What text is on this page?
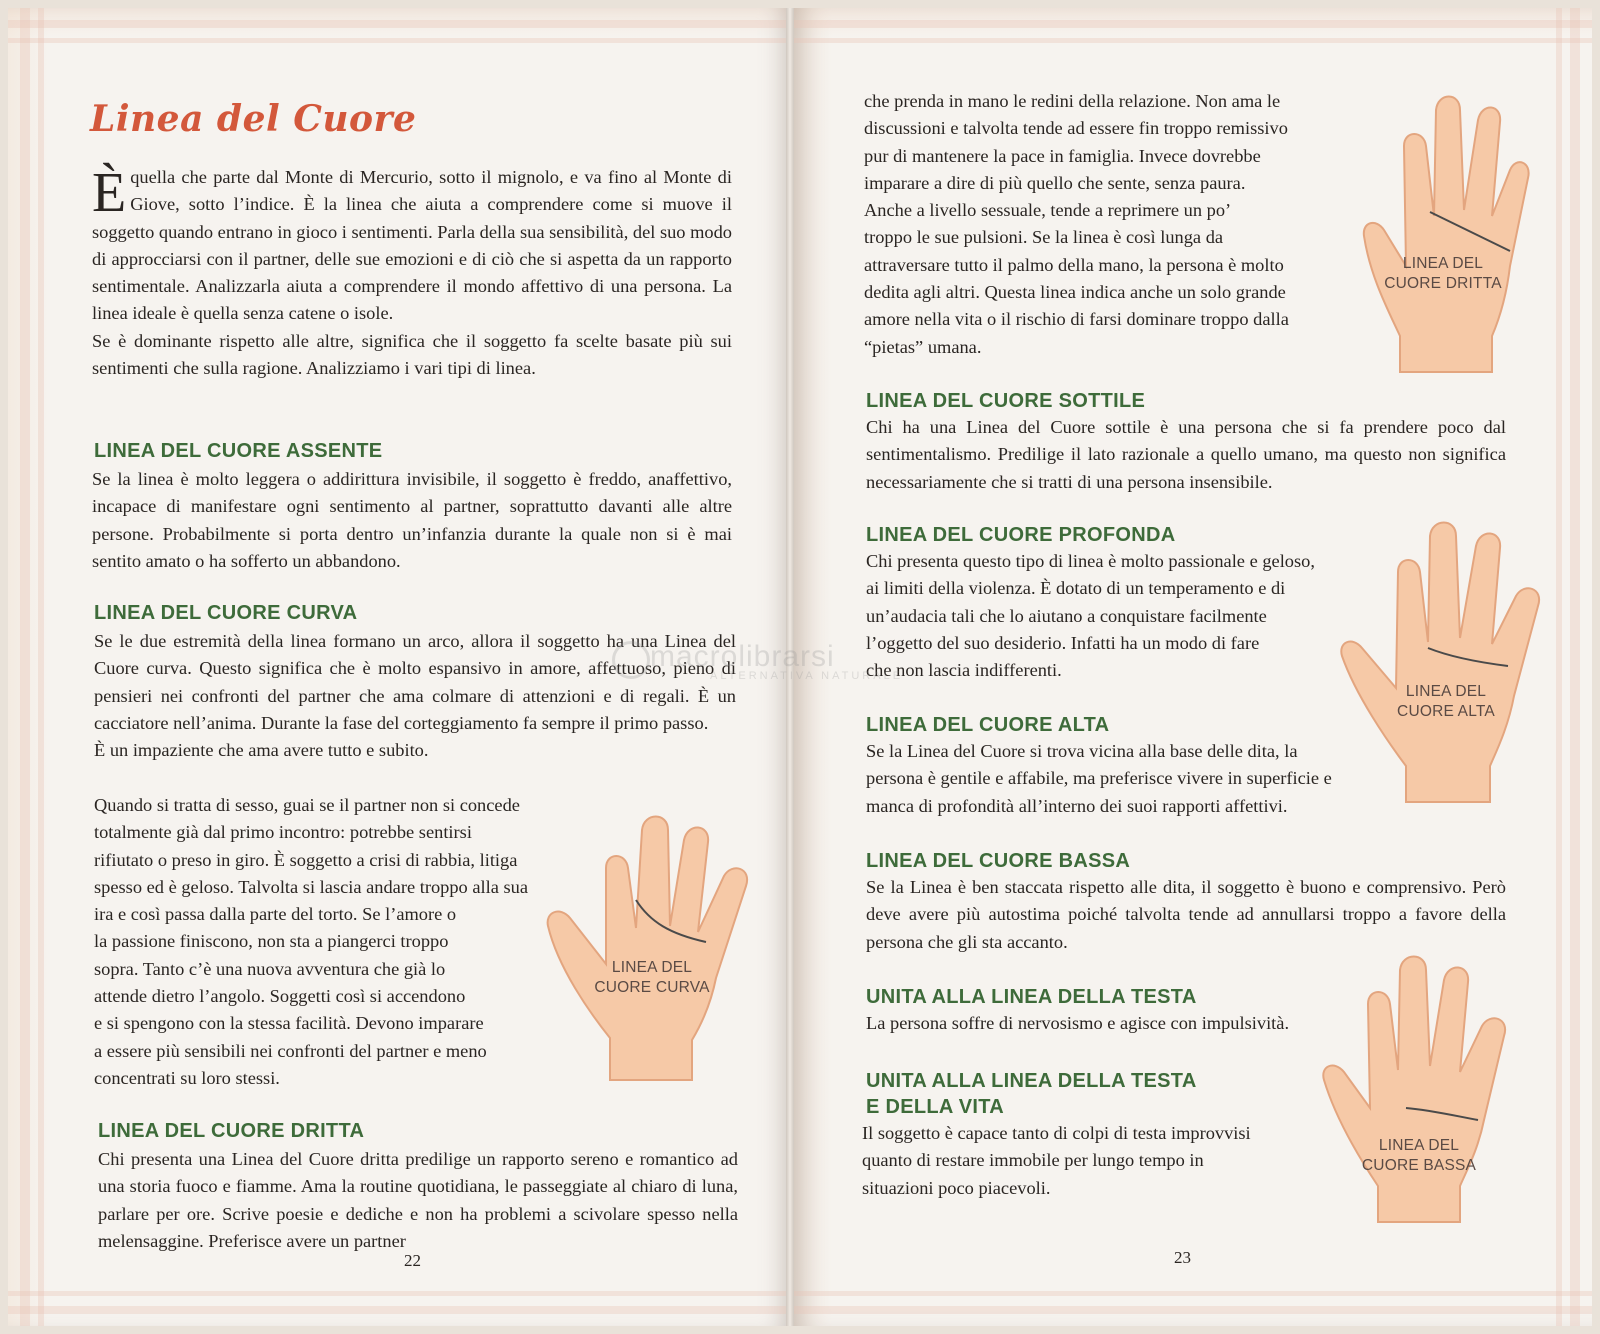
Linea del Cuore

Èquella che parte dal Monte di Mercurio, sotto il mignolo, e va fino al Monte di Giove, sotto l’indice. È la linea che aiuta a comprendere come si muove il soggetto quando entrano in gioco i sentimenti. Parla della sua sensibilità, del suo modo di approcciarsi con il partner, delle sue emozioni e di ciò che si aspetta da un rapporto sentimentale. Analizzarla aiuta a comprendere il mondo affettivo di una persona. La linea ideale è quella senza catene o isole.

Se è dominante rispetto alle altre, significa che il soggetto fa scelte basate più sui sentimenti che sulla ragione. Analizziamo i vari tipi di linea.

LINEA DEL CUORE ASSENTE
Se la linea è molto leggera o addirittura invisibile, il soggetto è freddo, anaffettivo, incapace di manifestare ogni sentimento al partner, soprattutto davanti alle altre persone. Probabilmente si porta dentro un’infanzia durante la quale non si è mai sentito amato o ha sofferto un abbandono.
LINEA DEL CUORE CURVA

Se le due estremità della linea formano un arco, allora il soggetto ha una Linea del Cuore curva. Questo significa che è molto espansivo in amore, affettuoso, pieno di pensieri nei confronti del partner che ama colmare di attenzioni e di regali. È un cacciatore nell’anima. Durante la fase del corteggiamento fa sempre il primo passo.

È un impaziente che ama avere tutto e subito.

Quando si tratta di sesso, guai se il partner non si concede
totalmente già dal primo incontro: potrebbe sentirsi
rifiutato o preso in giro. È soggetto a crisi di rabbia, litiga
spesso ed è geloso. Talvolta si lascia andare troppo alla sua
ira e così passa dalla parte del torto. Se l’amore o
la passione finiscono, non sta a piangerci troppo
sopra. Tanto c’è una nuova avventura che già lo
attende dietro l’angolo. Soggetti così si accendono
e si spengono con la stessa facilità. Devono imparare
a essere più sensibili nei confronti del partner e meno
concentrati su loro stessi.
LINEA DEL CUORE DRITTA
Chi presenta una Linea del Cuore dritta predilige un rapporto sereno e romantico ad una storia fuoco e fiamme. Ama la routine quotidiana, le passeggiate al chiaro di luna, parlare per ore. Scrive poesie e dediche e non ha problemi a scivolare spesso nella melensaggine. Preferisce avere un partner
22
LINEA DEL
CUORE CURVA
che prenda in mano le redini della relazione. Non ama le
discussioni e talvolta tende ad essere fin troppo remissivo
pur di mantenere la pace in famiglia. Invece dovrebbe
imparare a dire di più quello che sente, senza paura.
Anche a livello sessuale, tende a reprimere un po’
troppo le sue pulsioni. Se la linea è così lunga da
attraversare tutto il palmo della mano, la persona è molto
dedita agli altri. Questa linea indica anche un solo grande
amore nella vita o il rischio di farsi dominare troppo dalla
“pietas” umana.
LINEA DEL CUORE SOTTILE
Chi ha una Linea del Cuore sottile è una persona che si fa prendere poco dal sentimentalismo. Predilige il lato razionale a quello umano, ma questo non significa necessariamente che si tratti di una persona insensibile.
LINEA DEL CUORE PROFONDA
Chi presenta questo tipo di linea è molto passionale e geloso,
ai limiti della violenza. È dotato di un temperamento e di
un’audacia tali che lo aiutano a conquistare facilmente
l’oggetto del suo desiderio. Infatti ha un modo di fare
che non lascia indifferenti.
LINEA DEL CUORE ALTA
Se la Linea del Cuore si trova vicina alla base delle dita, la
persona è gentile e affabile, ma preferisce vivere in superficie e
manca di profondità all’interno dei suoi rapporti affettivi.
LINEA DEL CUORE BASSA
Se la Linea è ben staccata rispetto alle dita, il soggetto è buono e comprensivo. Però deve avere più autostima poiché talvolta tende ad annullarsi troppo a favore della persona che gli sta accanto.
UNITA ALLA LINEA DELLA TESTA
La persona soffre di nervosismo e agisce con impulsività.
UNITA ALLA LINEA DELLA TESTA
E DELLA VITA
Il soggetto è capace tanto di colpi di testa improvvisi
quanto di restare immobile per lungo tempo in
situazioni poco piacevoli.
23
LINEA DEL
CUORE DRITTA
LINEA DEL
CUORE ALTA
LINEA DEL
CUORE BASSA
macrolibrarsi
ALTERNATIVA NATURALE
